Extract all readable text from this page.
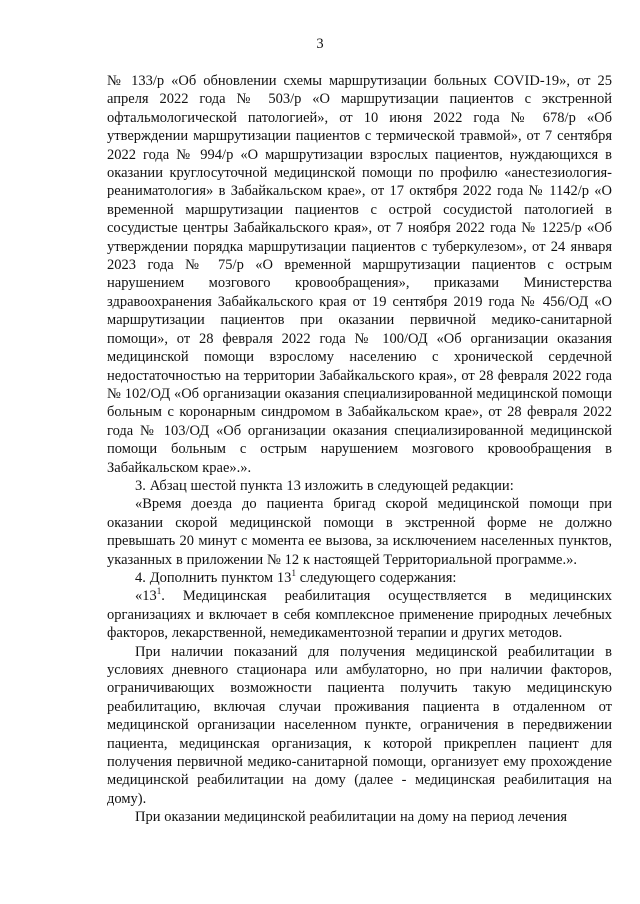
3

№ 133/р «Об обновлении схемы маршрутизации больных COVID-19», от 25 апреля 2022 года № 503/р «О маршрутизации пациентов с экстренной офтальмологической патологией», от 10 июня 2022 года № 678/р «Об утверждении маршрутизации пациентов с термической травмой», от 7 сентября 2022 года № 994/р «О маршрутизации взрослых пациентов, нуждающихся в оказании круглосуточной медицинской помощи по профилю «анестезиология-реаниматология» в Забайкальском крае», от 17 октября 2022 года № 1142/р «О временной маршрутизации пациентов с острой сосудистой патологией в сосудистые центры Забайкальского края», от 7 ноября 2022 года № 1225/р «Об утверждении порядка маршрутизации пациентов с туберкулезом», от 24 января 2023 года № 75/р «О временной маршрутизации пациентов с острым нарушением мозгового кровообращения», приказами Министерства здравоохранения Забайкальского края от 19 сентября 2019 года № 456/ОД «О маршрутизации пациентов при оказании первичной медико-санитарной помощи», от 28 февраля 2022 года № 100/ОД «Об организации оказания медицинской помощи взрослому населению с хронической сердечной недостаточностью на территории Забайкальского края», от 28 февраля 2022 года № 102/ОД «Об организации оказания специализированной медицинской помощи больным с коронарным синдромом в Забайкальском крае», от 28 февраля 2022 года № 103/ОД «Об организации оказания специализированной медицинской помощи больным с острым нарушением мозгового кровообращения в Забайкальском крае».».

3. Абзац шестой пункта 13 изложить в следующей редакции:

«Время доезда до пациента бригад скорой медицинской помощи при оказании скорой медицинской помощи в экстренной форме не должно превышать 20 минут с момента ее вызова, за исключением населенных пунктов, указанных в приложении № 12 к настоящей Территориальной программе.».

4. Дополнить пунктом $13^1$ следующего содержания:

«$13^1$. Медицинская реабилитация осуществляется в медицинских организациях и включает в себя комплексное применение природных лечебных факторов, лекарственной, немедикаментозной терапии и других методов.

При наличии показаний для получения медицинской реабилитации в условиях дневного стационара или амбулаторно, но при наличии факторов, ограничивающих возможности пациента получить такую медицинскую реабилитацию, включая случаи проживания пациента в отдаленном от медицинской организации населенном пункте, ограничения в передвижении пациента, медицинская организация, к которой прикреплен пациент для получения первичной медико-санитарной помощи, организует ему прохождение медицинской реабилитации на дому (далее - медицинская реабилитация на дому).

При оказании медицинской реабилитации на дому на период лечения
